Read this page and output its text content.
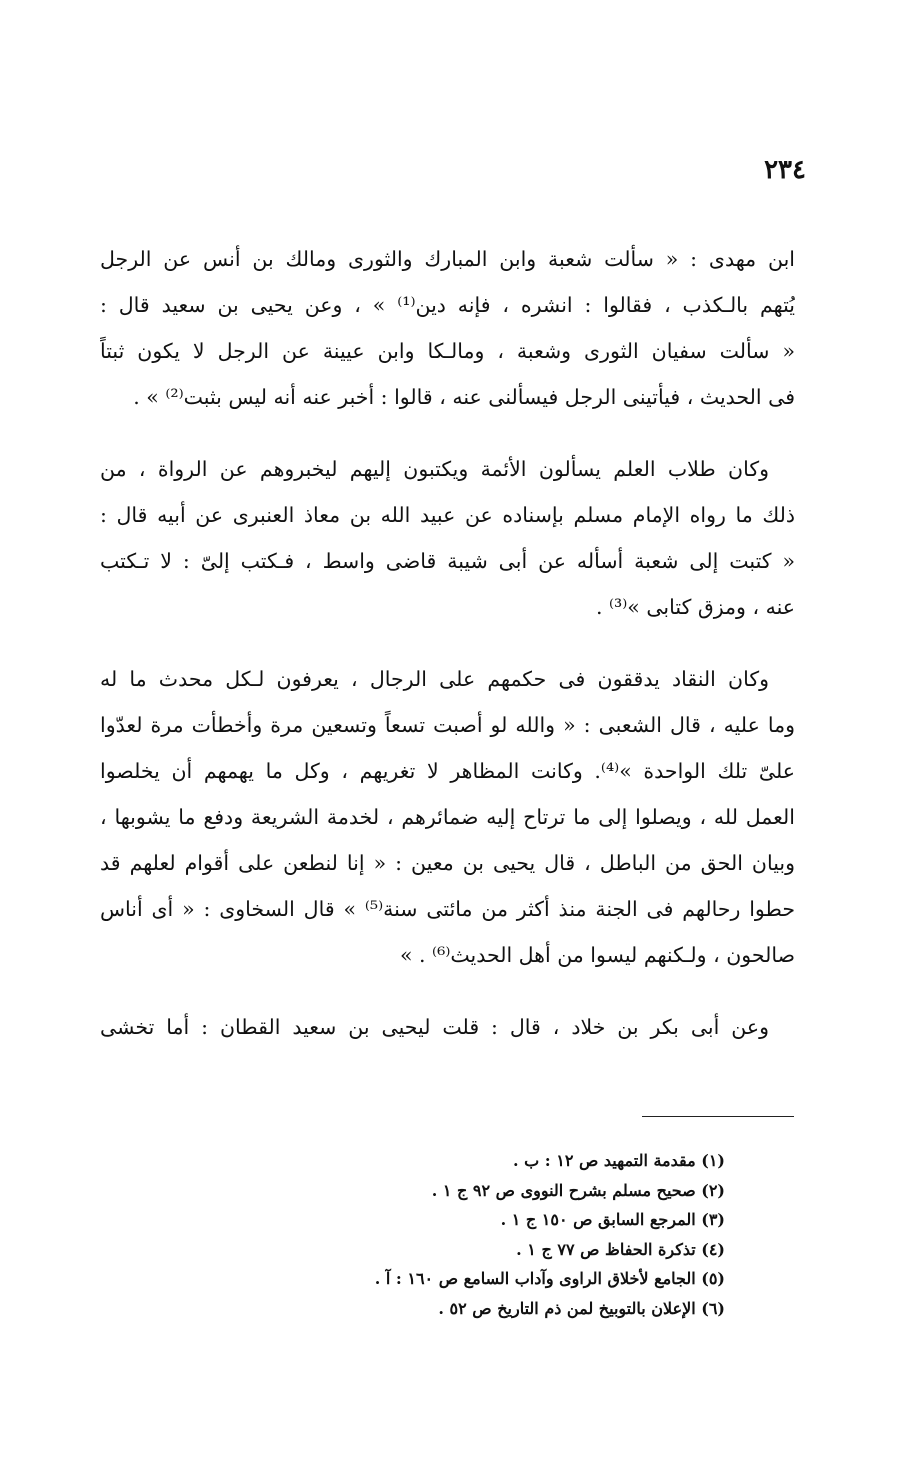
٢٣٤
ابن مهدى : « سألت شعبة وابن المبارك والثورى ومالك بن أنس عن الرجل
يُتهم بالـكذب ، فقالوا : انشره ، فإنه دين⁽¹⁾ » ، وعن يحيى بن سعيد قال :
« سألت سفيان الثورى وشعبة ، ومالـكا وابن عيينة عن الرجل لا يكون ثبتاً
فى الحديث ، فيأتينى الرجل فيسألنى عنه ، قالوا : أخبر عنه أنه ليس بثبت⁽²⁾ » .
وكان طلاب العلم يسألون الأئمة ويكتبون إليهم ليخبروهم عن الرواة ، من
ذلك ما رواه الإمام مسلم بإسناده عن عبيد الله بن معاذ العنبرى عن أبيه قال :
« كتبت إلى شعبة أسأله عن أبى شيبة قاضى واسط ، فـكتب إلىّ : لا تـكتب
عنه ، ومزق كتابى »⁽³⁾ .
وكان النقاد يدققون فى حكمهم على الرجال ، يعرفون لـكل محدث ما له
وما عليه ، قال الشعبى : « والله لو أصبت تسعاً وتسعين مرة وأخطأت مرة لعدّوا
علىّ تلك الواحدة »⁽⁴⁾. وكانت المظاهر لا تغريهم ، وكل ما يهمهم أن يخلصوا
العمل لله ، ويصلوا إلى ما ترتاح إليه ضمائرهم ، لخدمة الشريعة ودفع ما يشوبها ،
وبيان الحق من الباطل ، قال يحيى بن معين : « إنا لنطعن على أقوام لعلهم قد
حطوا رحالهم فى الجنة منذ أكثر من مائتى سنة⁽⁵⁾ » قال السخاوى : « أى أناس
صالحون ، ولـكنهم ليسوا من أهل الحديث⁽⁶⁾ . »
وعن أبى بكر بن خلاد ، قال : قلت ليحيى بن سعيد القطان : أما تخشى
(١) مقدمة التمهيد ص ١٢ : ب .
(٢) صحيح مسلم بشرح النووى ص ٩٢ ج ١ .
(٣) المرجع السابق ص ١٥٠ ج ١ .
(٤) تذكرة الحفاظ ص ٧٧ ج ١ .
(٥) الجامع لأخلاق الراوى وآداب السامع ص ١٦٠ : آ .
(٦) الإعلان بالتوبيخ لمن ذم التاريخ ص ٥٢ .
